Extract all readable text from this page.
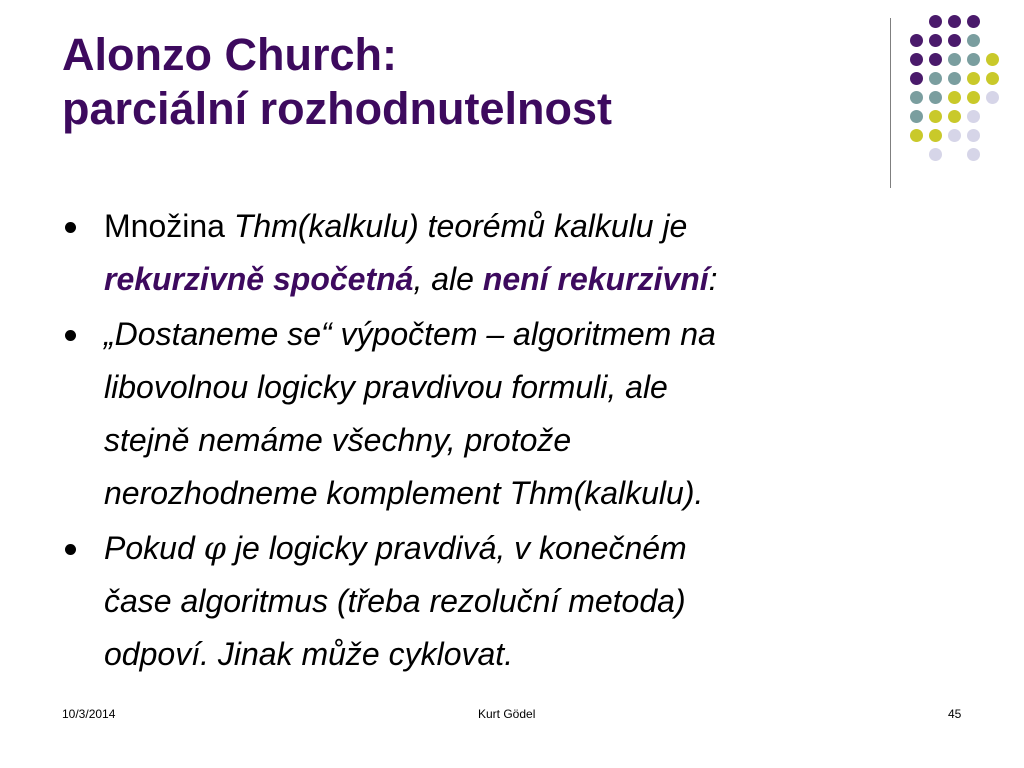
Alonzo Church:
parciální rozhodnutelnost
Množina Thm(kalkulu) teorémů kalkulu je
rekurzivně spočetná, ale není rekurzivní:
„Dostaneme se“ výpočtem – algoritmem na
libovolnou logicky pravdivou formuli, ale
stejně nemáme všechny, protože
nerozhodneme komplement Thm(kalkulu).
Pokud φ je logicky pravdivá, v konečném
čase algoritmus (třeba rezoluční metoda)
odpoví. Jinak může cyklovat.
10/3/2014	Kurt Gödel	45
